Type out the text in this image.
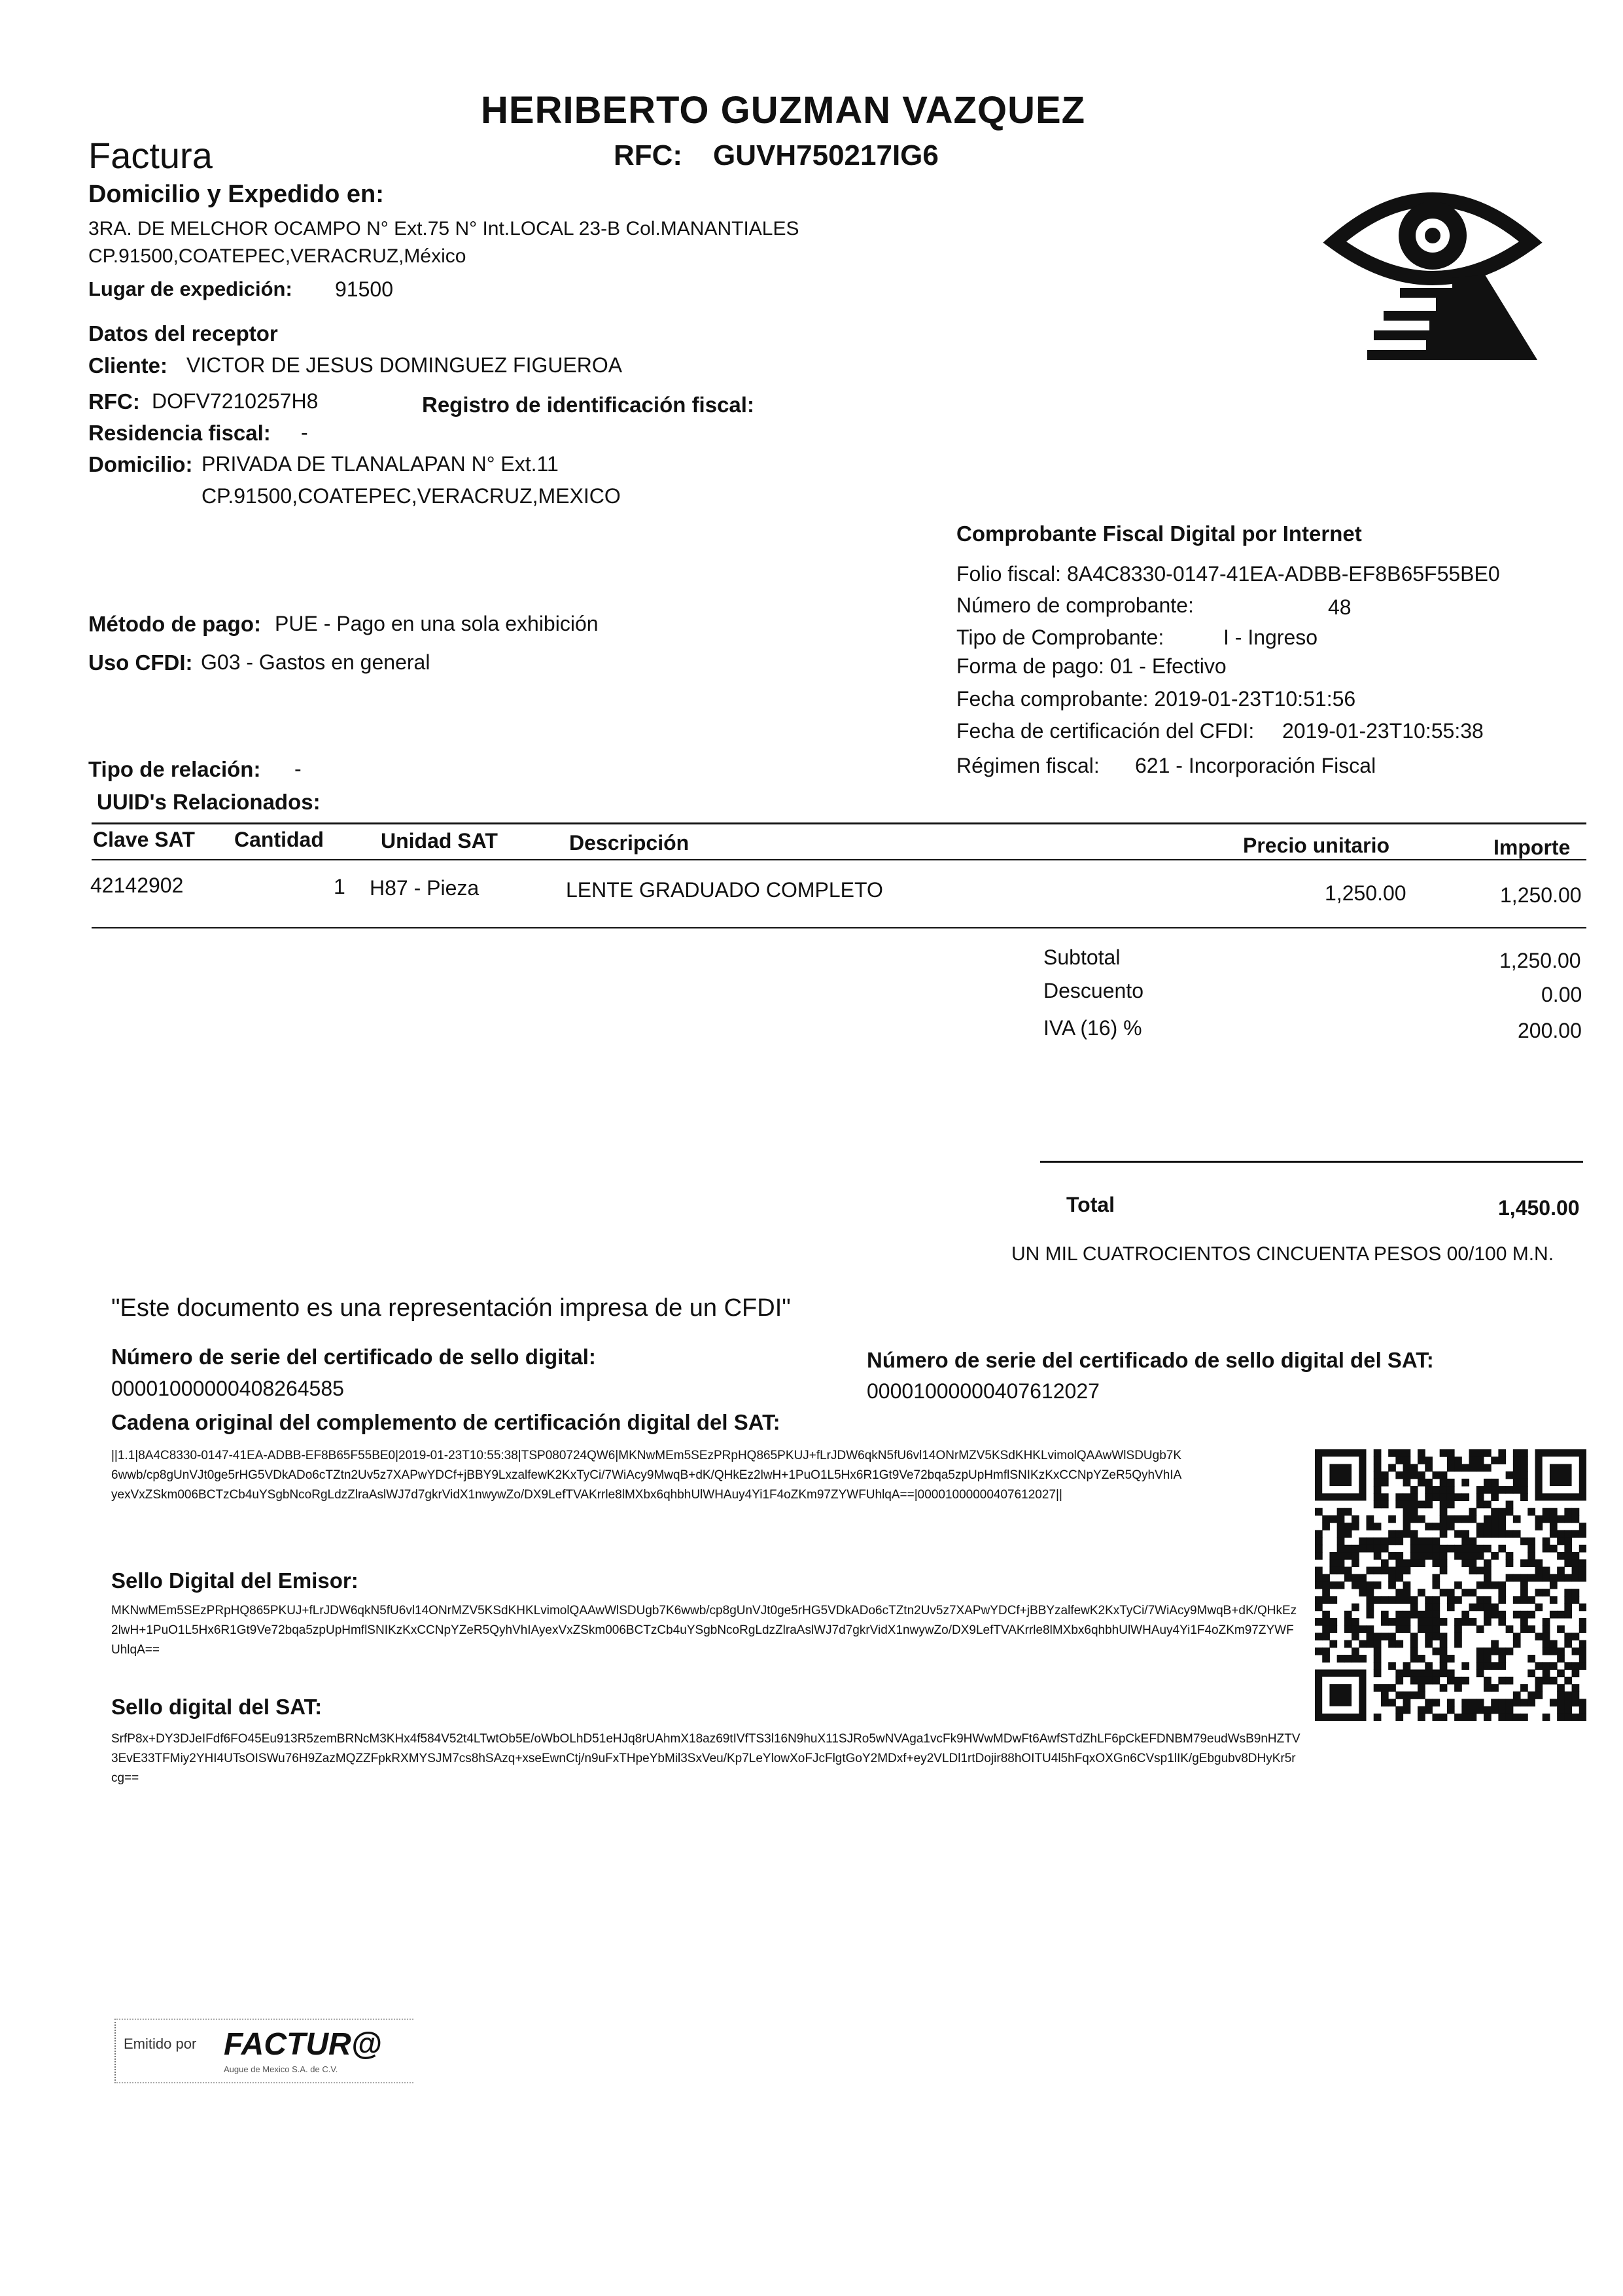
HERIBERTO GUZMAN VAZQUEZ
Factura	RFC: GUVH750217IG6
Domicilio y Expedido en:
3RA. DE MELCHOR OCAMPO N° Ext.75 N° Int.LOCAL 23-B Col.MANANTIALES
CP.91500,COATEPEC,VERACRUZ,México
Lugar de expedición: 91500
Datos del receptor
Cliente: VICTOR DE JESUS DOMINGUEZ FIGUEROA
RFC: DOFV7210257H8	Registro de identificación fiscal:
Residencia fiscal: -
Domicilio: PRIVADA DE TLANALAPAN N° Ext.11
CP.91500,COATEPEC,VERACRUZ,MEXICO
Comprobante Fiscal Digital por Internet
Folio fiscal: 8A4C8330-0147-41EA-ADBB-EF8B65F55BE0
Número de comprobante:	48
Tipo de Comprobante:	I - Ingreso
Forma de pago: 01 - Efectivo
Fecha comprobante: 2019-01-23T10:51:56
Fecha de certificación del CFDI: 2019-01-23T10:55:38
Régimen fiscal: 621 - Incorporación Fiscal
Método de pago: PUE - Pago en una sola exhibición
Uso CFDI: G03 - Gastos en general
Tipo de relación: -
UUID's Relacionados:
Clave SAT Cantidad	Unidad SAT	Descripción	Precio unitario	Importe
42142902	1 H87 - Pieza	LENTE GRADUADO COMPLETO	1,250.00	1,250.00
Subtotal	1,250.00
Descuento	0.00
IVA (16) %	200.00
Total	1,450.00
UN MIL CUATROCIENTOS CINCUENTA PESOS 00/100 M.N.
"Este documento es una representación impresa de un CFDI"
Número de serie del certificado de sello digital:
00001000000408264585
Número de serie del certificado de sello digital del SAT:
00001000000407612027
Cadena original del complemento de certificación digital del SAT:
||1.1|8A4C8330-0147-41EA-ADBB-EF8B65F55BE0|2019-01-23T10:55:38|TSP080724QW6|MKNwMEm5SEzPRpHQ865PKUJ+fLrJDW6qkN5fU6vl14ONrMZV5KSdKHKLvimolQAAwWlSDUgb7K6wwb/cp8gUnVJt0ge5rHG5VDkADo6cTZtn2Uv5z7XAPwYDCf+jBBY9LxzalfewK2KxTyCi/7WiAcy9MwqB+dK/QHkEz2lwH+1PuO1L5Hx6R1Gt9Ve72bqa5zpUpHmflSNIKzKxCCNpYZeR5QyhVhIAyexVxZSkm006BCTzCb4uYSgbNcoRgLdzZlraAslWJ7d7gkrVidX1nwywZo/DX9LefTVAKrrle8lMXbx6qhbhUlWHAuy4Yi1F4oZKm97ZYWFUhlqA==|00001000000407612027||
Sello Digital del Emisor:
MKNwMEm5SEzPRpHQ865PKUJ+fLrJDW6qkN5fU6vl14ONrMZV5KSdKHKLvimolQAAwWlSDUgb7K6wwb/cp8gUnVJt0ge5rHG5VDkADo6cTZtn2Uv5z7XAPwYDCf+jBBYzalfewK2KxTyCi/7WiAcy9MwqB+dK/QHkEz2lwH+1PuO1L5Hx6R1Gt9Ve72bqa5zpUpHmflSNIKzKxCCNpYZeR5QyhVhIAyexVxZSkm006BCTzCb4uYSgbNcoRgLdzZlraAslWJ7d7gkrVidX1nwywZo/DX9LefTVAKrrle8lMXbx6qhbhUlWHAuy4Yi1F4oZKm97ZYWFUhlqA==
Sello digital del SAT:
SrfP8x+DY3DJeIFdf6FO45Eu913R5zemBRNcM3KHx4f584V52t4LTwtOb5E/oWbOLhD51eHJq8rUAhmX18az69tIVfTS3l16N9huX11SJRo5wNVAga1vcFk9HWwMDwFt6AwfSTdZhLF6pCkEFDNBM79eudWsB9nHZTV3EvE33TFMiy2YHI4UTsOISWu76H9ZazMQZZFpkRXMYSJM7cs8hSAzq+xseEwnCtj/n9uFxTHpeYbMil3SxVeu/Kp7LeYlowXoFJcFlgtGoY2MDxf+ey2VLDl1rtDojir88hOITU4l5hFqxOXGn6CVsp1lIK/gEbgubv8DHyKr5rcg==
Emitido por FACTUR@
Augue de Mexico S.A. de C.V.
